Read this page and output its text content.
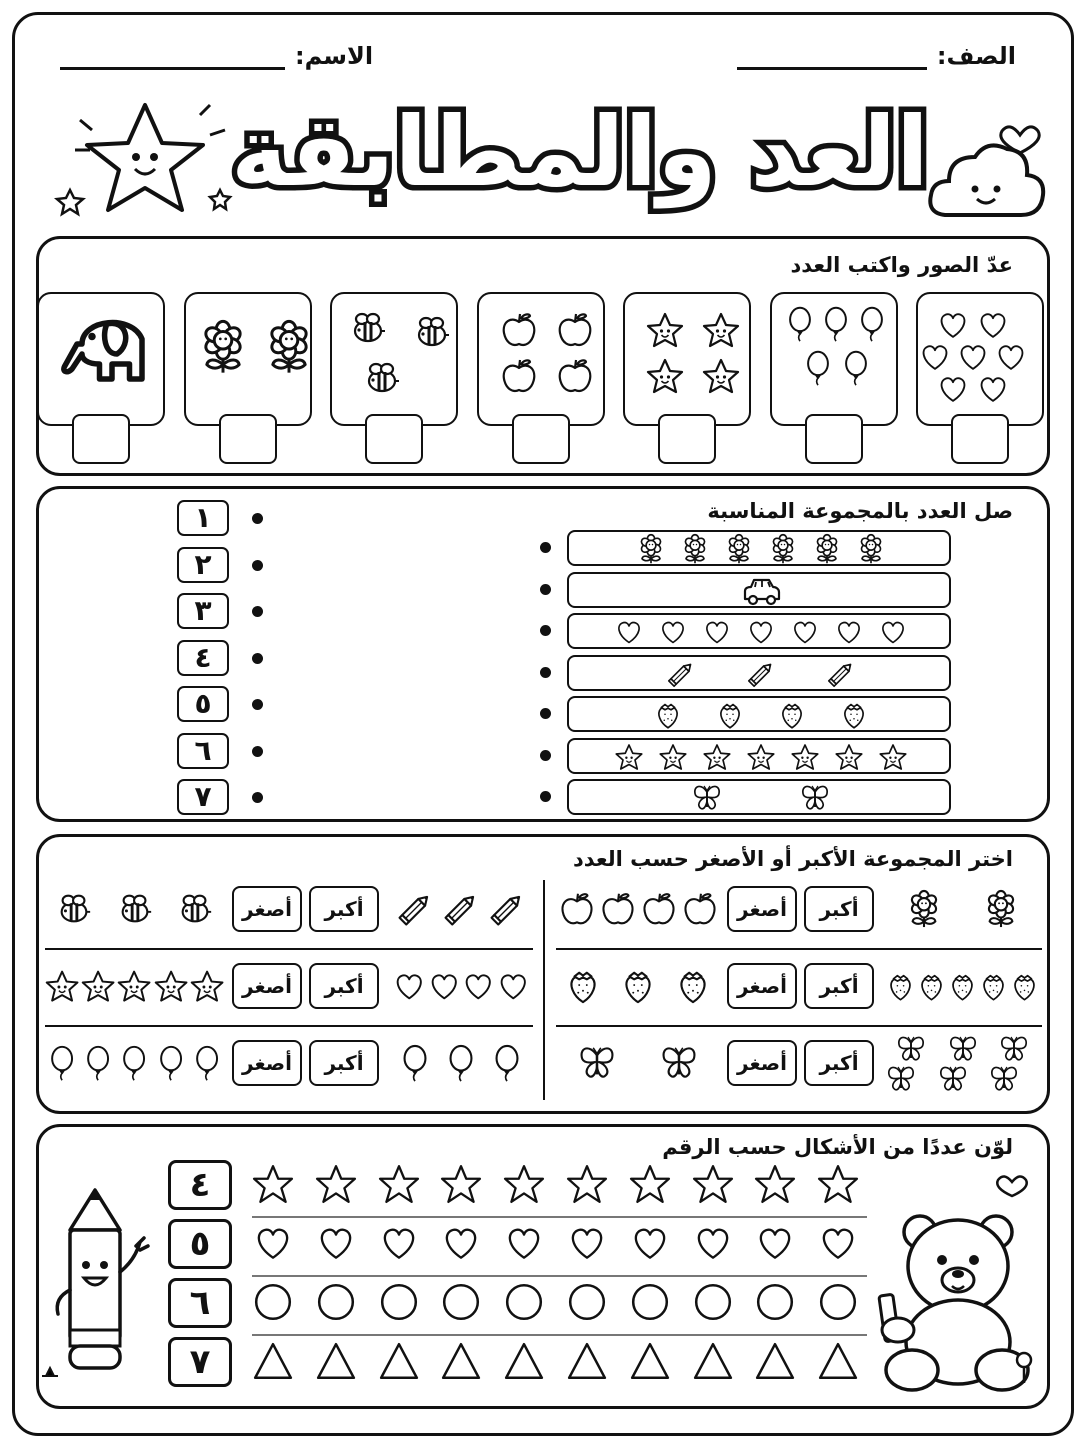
الصف:
الاسم:
العد والمطابقة
عدّ الصور واكتب العدد
صل العدد بالمجموعة المناسبة
١
٢
٣
٤
٥
٦
٧
اختر المجموعة الأكبر أو الأصغر حسب العدد
أكبر
أصغر
أكبر
أصغر
أكبر
أصغر
أكبر
أصغر
أكبر
أصغر
أكبر
أصغر
لوّن عددًا من الأشكال حسب الرقم
٤
٥
٦
٧
